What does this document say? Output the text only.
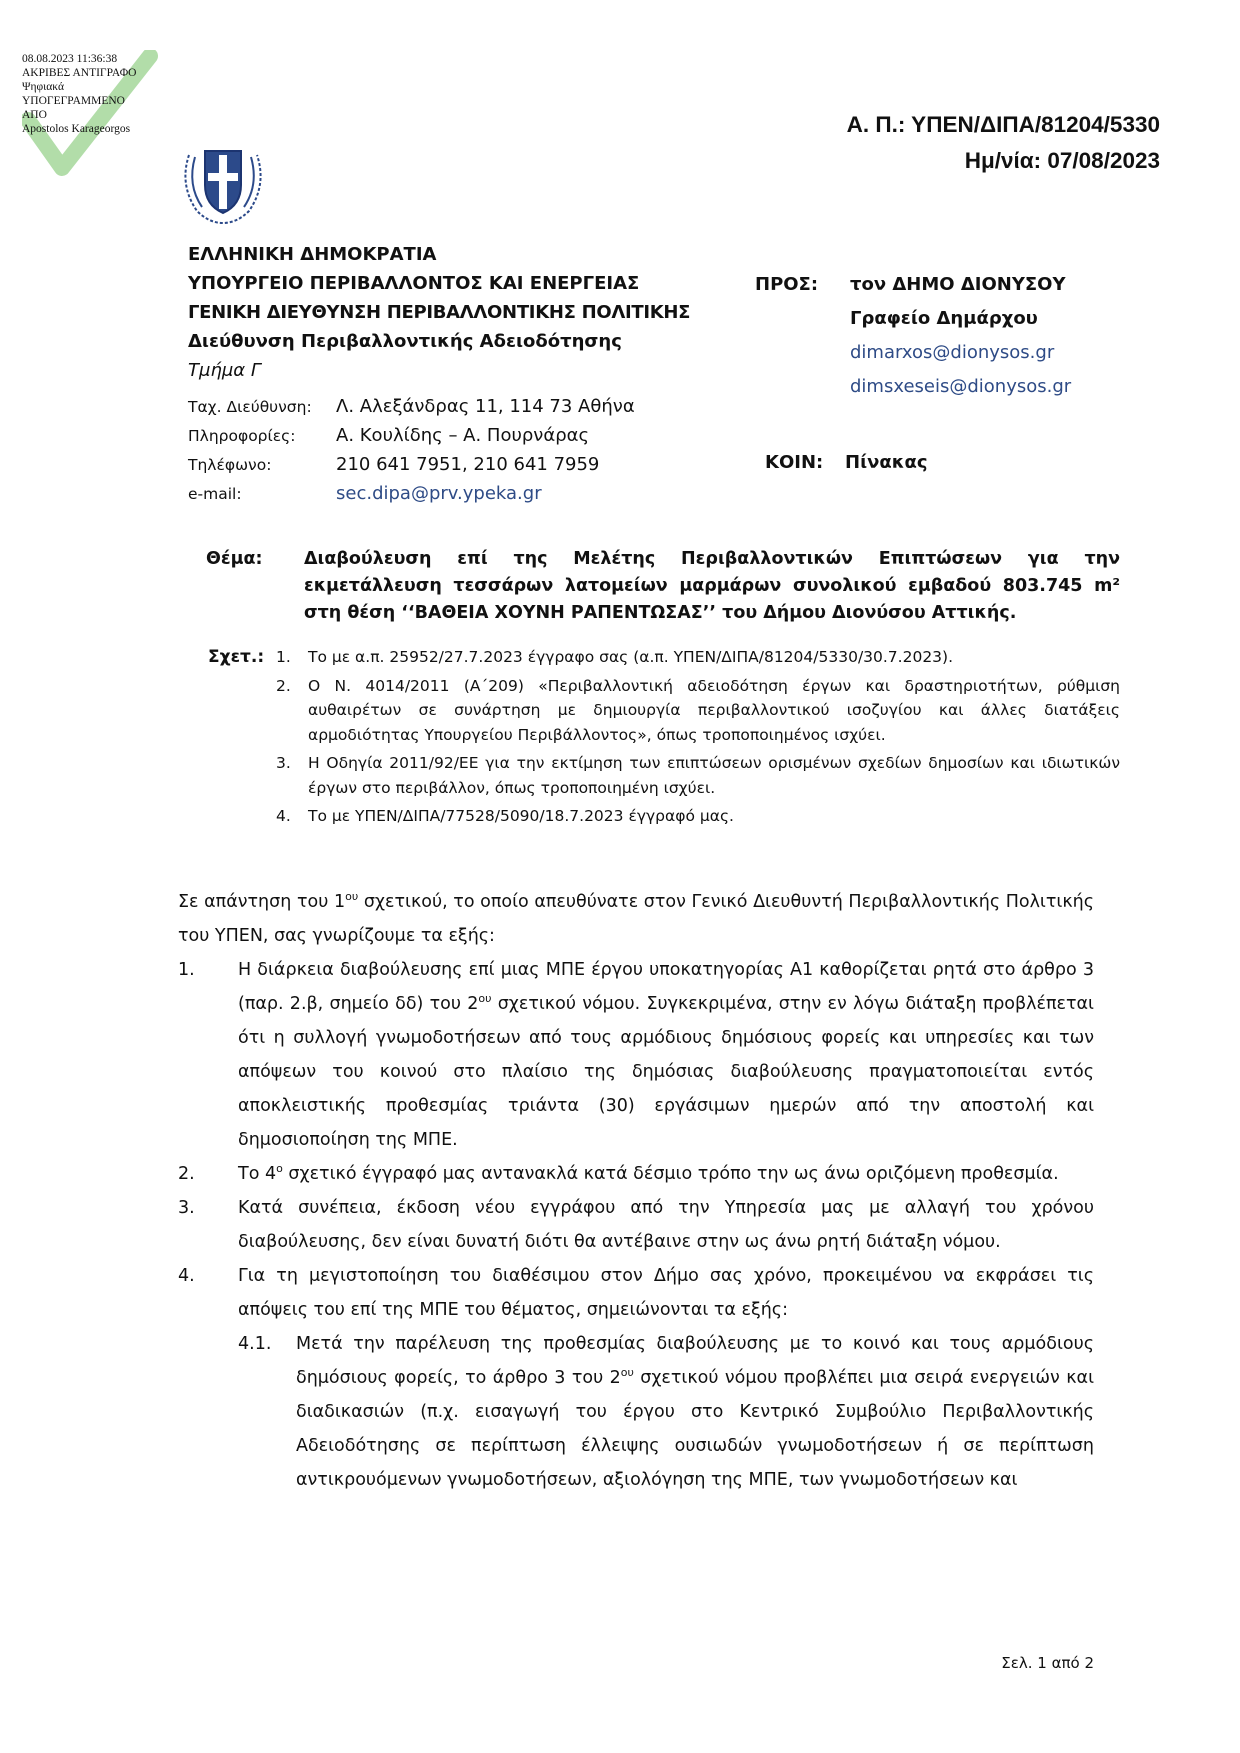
08.08.2023 11:36:38
ΑΚΡΙΒΕΣ ΑΝΤΙΓΡΑΦΟ
Ψηφιακά
ΥΠΟΓΕΓΡΑΜΜΕΝΟ
ΑΠΟ
Apostolos Karageorgos	Α. Π.: ΥΠΕΝ/ΔΙΠΑ/81204/5330
Ημ/νία: 07/08/2023
ΕΛΛΗΝΙΚΗ ΔΗΜΟΚΡΑΤΙΑ
ΥΠΟΥΡΓΕΙΟ ΠΕΡΙΒΑΛΛΟΝΤΟΣ ΚΑΙ ΕΝΕΡΓΕΙΑΣ
ΓΕΝΙΚΗ ΔΙΕΥΘΥΝΣΗ ΠΕΡΙΒΑΛΛΟΝΤΙΚΗΣ ΠΟΛΙΤΙΚΗΣ
Διεύθυνση Περιβαλλοντικής Αδειοδότησης
Τμήμα Γ
Ταχ. Διεύθυνση:	Λ. Αλεξάνδρας 11, 114 73 Αθήνα
Πληροφορίες:	Α. Κουλίδης – Α. Πουρνάρας
Τηλέφωνο:	210 641 7951, 210 641 7959
e-mail:	sec.dipa@prv.ypeka.gr
ΠΡΟΣ:	τον ΔΗΜΟ ΔΙΟΝΥΣΟΥ
Γραφείο Δημάρχου
dimarxos@dionysos.gr
dimsxeseis@dionysos.gr
ΚΟΙΝ:	Πίνακας
Θέμα:	Διαβούλευση επί της Μελέτης Περιβαλλοντικών Επιπτώσεων για την εκμετάλλευση τεσσάρων λατομείων μαρμάρων συνολικού εμβαδού 803.745 m² στη θέση ‘‘ΒΑΘΕΙΑ ΧΟΥΝΗ ΡΑΠΕΝΤΩΣΑΣ’’ του Δήμου Διονύσου Αττικής.
Σχετ.: 1.	Το με α.π. 25952/27.7.2023 έγγραφο σας (α.π. ΥΠΕΝ/ΔΙΠΑ/81204/5330/30.7.2023).
2.	Ο Ν. 4014/2011 (Α΄209) «Περιβαλλοντική αδειοδότηση έργων και δραστηριοτήτων, ρύθμιση αυθαιρέτων σε συνάρτηση με δημιουργία περιβαλλοντικού ισοζυγίου και άλλες διατάξεις αρμοδιότητας Υπουργείου Περιβάλλοντος», όπως τροποποιημένος ισχύει.
3.	Η Οδηγία 2011/92/ΕΕ για την εκτίμηση των επιπτώσεων ορισμένων σχεδίων δημοσίων και ιδιωτικών έργων στο περιβάλλον, όπως τροποποιημένη ισχύει.
4.	Το με ΥΠΕΝ/ΔΙΠΑ/77528/5090/18.7.2023 έγγραφό μας.

Σε απάντηση του $1^{o\upsilon}$ σχετικού, το οποίο απευθύνατε στον Γενικό Διευθυντή Περιβαλλοντικής Πολιτικής του ΥΠΕΝ, σας γνωρίζουμε τα εξής:

1.	Η διάρκεια διαβούλευσης επί μιας ΜΠΕ έργου υποκατηγορίας Α1 καθορίζεται ρητά στο άρθρο 3 (παρ. 2.β, σημείο δδ) του $2^{o\upsilon}$ σχετικού νόμου. Συγκεκριμένα, στην εν λόγω διάταξη προβλέπεται ότι η συλλογή γνωμοδοτήσεων από τους αρμόδιους δημόσιους φορείς και υπηρεσίες και των απόψεων του κοινού στο πλαίσιο της δημόσιας διαβούλευσης πραγματοποιείται εντός αποκλειστικής προθεσμίας τριάντα (30) εργάσιμων ημερών από την αποστολή και δημοσιοποίηση της ΜΠΕ.
2.	Το $4^o$ σχετικό έγγραφό μας αντανακλά κατά δέσμιο τρόπο την ως άνω οριζόμενη προθεσμία.
3.	Κατά συνέπεια, έκδοση νέου εγγράφου από την Υπηρεσία μας με αλλαγή του χρόνου διαβούλευσης, δεν είναι δυνατή διότι θα αντέβαινε στην ως άνω ρητή διάταξη νόμου.
4.	Για τη μεγιστοποίηση του διαθέσιμου στον Δήμο σας χρόνο, προκειμένου να εκφράσει τις απόψεις του επί της ΜΠΕ του θέματος, σημειώνονται τα εξής:
4.1.	Μετά την παρέλευση της προθεσμίας διαβούλευσης με το κοινό και τους αρμόδιους δημόσιους φορείς, το άρθρο 3 του $2^{o\upsilon}$ σχετικού νόμου προβλέπει μια σειρά ενεργειών και διαδικασιών (π.χ. εισαγωγή του έργου στο Κεντρικό Συμβούλιο Περιβαλλοντικής Αδειοδότησης σε περίπτωση έλλειψης ουσιωδών γνωμοδοτήσεων ή σε περίπτωση αντικρουόμενων γνωμοδοτήσεων, αξιολόγηση της ΜΠΕ, των γνωμοδοτήσεων και
Σελ. 1 από 2
